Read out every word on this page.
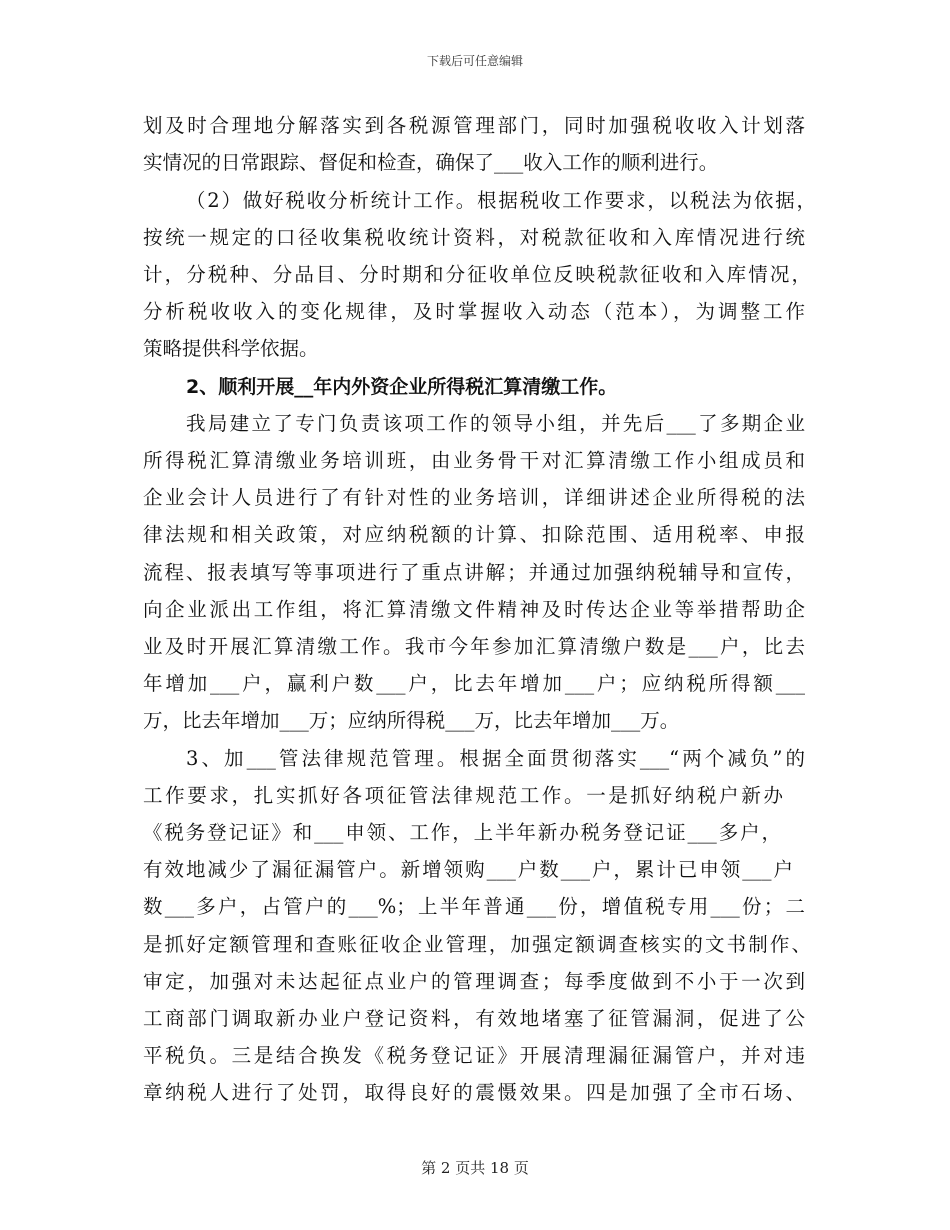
下载后可任意编辑
划及时合理地分解落实到各税源管理部门，同时加强税收收入计划落
实情况的日常跟踪、督促和检查，确保了___收入工作的顺利进行。
（2）做好税收分析统计工作。根据税收工作要求，以税法为依据，
按统一规定的口径收集税收统计资料，对税款征收和入库情况进行统
计，分税种、分品目、分时期和分征收单位反映税款征收和入库情况，
分析税收收入的变化规律，及时掌握收入动态（范本），为调整工作
策略提供科学依据。
2、顺利开展__年内外资企业所得税汇算清缴工作。
我局建立了专门负责该项工作的领导小组，并先后___了多期企业
所得税汇算清缴业务培训班，由业务骨干对汇算清缴工作小组成员和
企业会计人员进行了有针对性的业务培训，详细讲述企业所得税的法
律法规和相关政策，对应纳税额的计算、扣除范围、适用税率、申报
流程、报表填写等事项进行了重点讲解；并通过加强纳税辅导和宣传，
向企业派出工作组，将汇算清缴文件精神及时传达企业等举措帮助企
业及时开展汇算清缴工作。我市今年参加汇算清缴户数是___户，比去
年增加___户，赢利户数___户，比去年增加___户；应纳税所得额___
万，比去年增加___万；应纳所得税___万，比去年增加___万。
3、加___管法律规范管理。根据全面贯彻落实___“两个减负”的
工作要求，扎实抓好各项征管法律规范工作。一是抓好纳税户新办
《税务登记证》和___申领、工作，上半年新办税务登记证___多户，
有效地减少了漏征漏管户。新增领购___户数___户，累计已申领___户
数___多户，占管户的___%；上半年普通___份，增值税专用___份；二
是抓好定额管理和查账征收企业管理，加强定额调查核实的文书制作、
审定，加强对未达起征点业户的管理调查；每季度做到不小于一次到
工商部门调取新办业户登记资料，有效地堵塞了征管漏洞，促进了公
平税负。三是结合换发《税务登记证》开展清理漏征漏管户，并对违
章纳税人进行了处罚，取得良好的震慑效果。四是加强了全市石场、
第 2 页共 18 页
